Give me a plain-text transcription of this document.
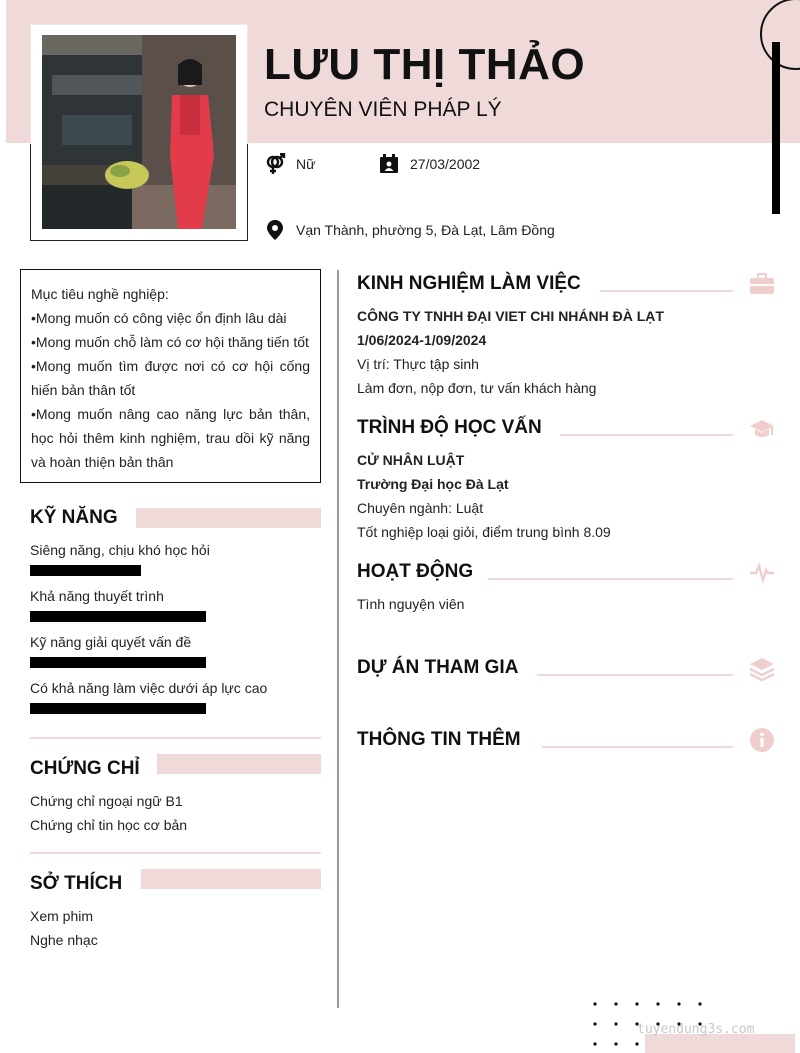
LƯU THỊ THẢO
CHUYÊN VIÊN PHÁP LÝ
Nữ	27/03/2002
Vạn Thành, phường 5, Đà Lạt, Lâm Đồng
Mục tiêu nghề nghiệp:
•Mong muốn có công việc ổn định lâu dài
•Mong muốn chỗ làm có cơ hội thăng tiến tốt
•Mong muốn tìm được nơi có cơ hội cống hiến bản thân tốt
•Mong muốn nâng cao năng lực bản thân, học hỏi thêm kinh nghiệm, trau dồi kỹ năng và hoàn thiện bản thân
KỸ NĂNG
Siêng năng, chịu khó học hỏi
Khả năng thuyết trình
Kỹ năng giải quyết vấn đề
Có khả năng làm việc dưới áp lực cao
CHỨNG CHỈ
Chứng chỉ ngoại ngữ B1
Chứng chỉ tin học cơ bản
SỞ THÍCH
Xem phim
Nghe nhạc
KINH NGHIỆM LÀM VIỆC
CÔNG TY TNHH ĐẠI VIET CHI NHÁNH ĐÀ LẠT
1/06/2024-1/09/2024
Vị trí: Thực tập sinh
Làm đơn, nộp đơn, tư vấn khách hàng
TRÌNH ĐỘ HỌC VẤN
CỬ NHÂN LUẬT
Trường Đại học Đà Lạt
Chuyên ngành: Luật
Tốt nghiệp loại giỏi, điểm trung bình 8.09
HOẠT ĐỘNG
Tình nguyện viên
DỰ ÁN THAM GIA
THÔNG TIN THÊM
tuyendung3s.com
